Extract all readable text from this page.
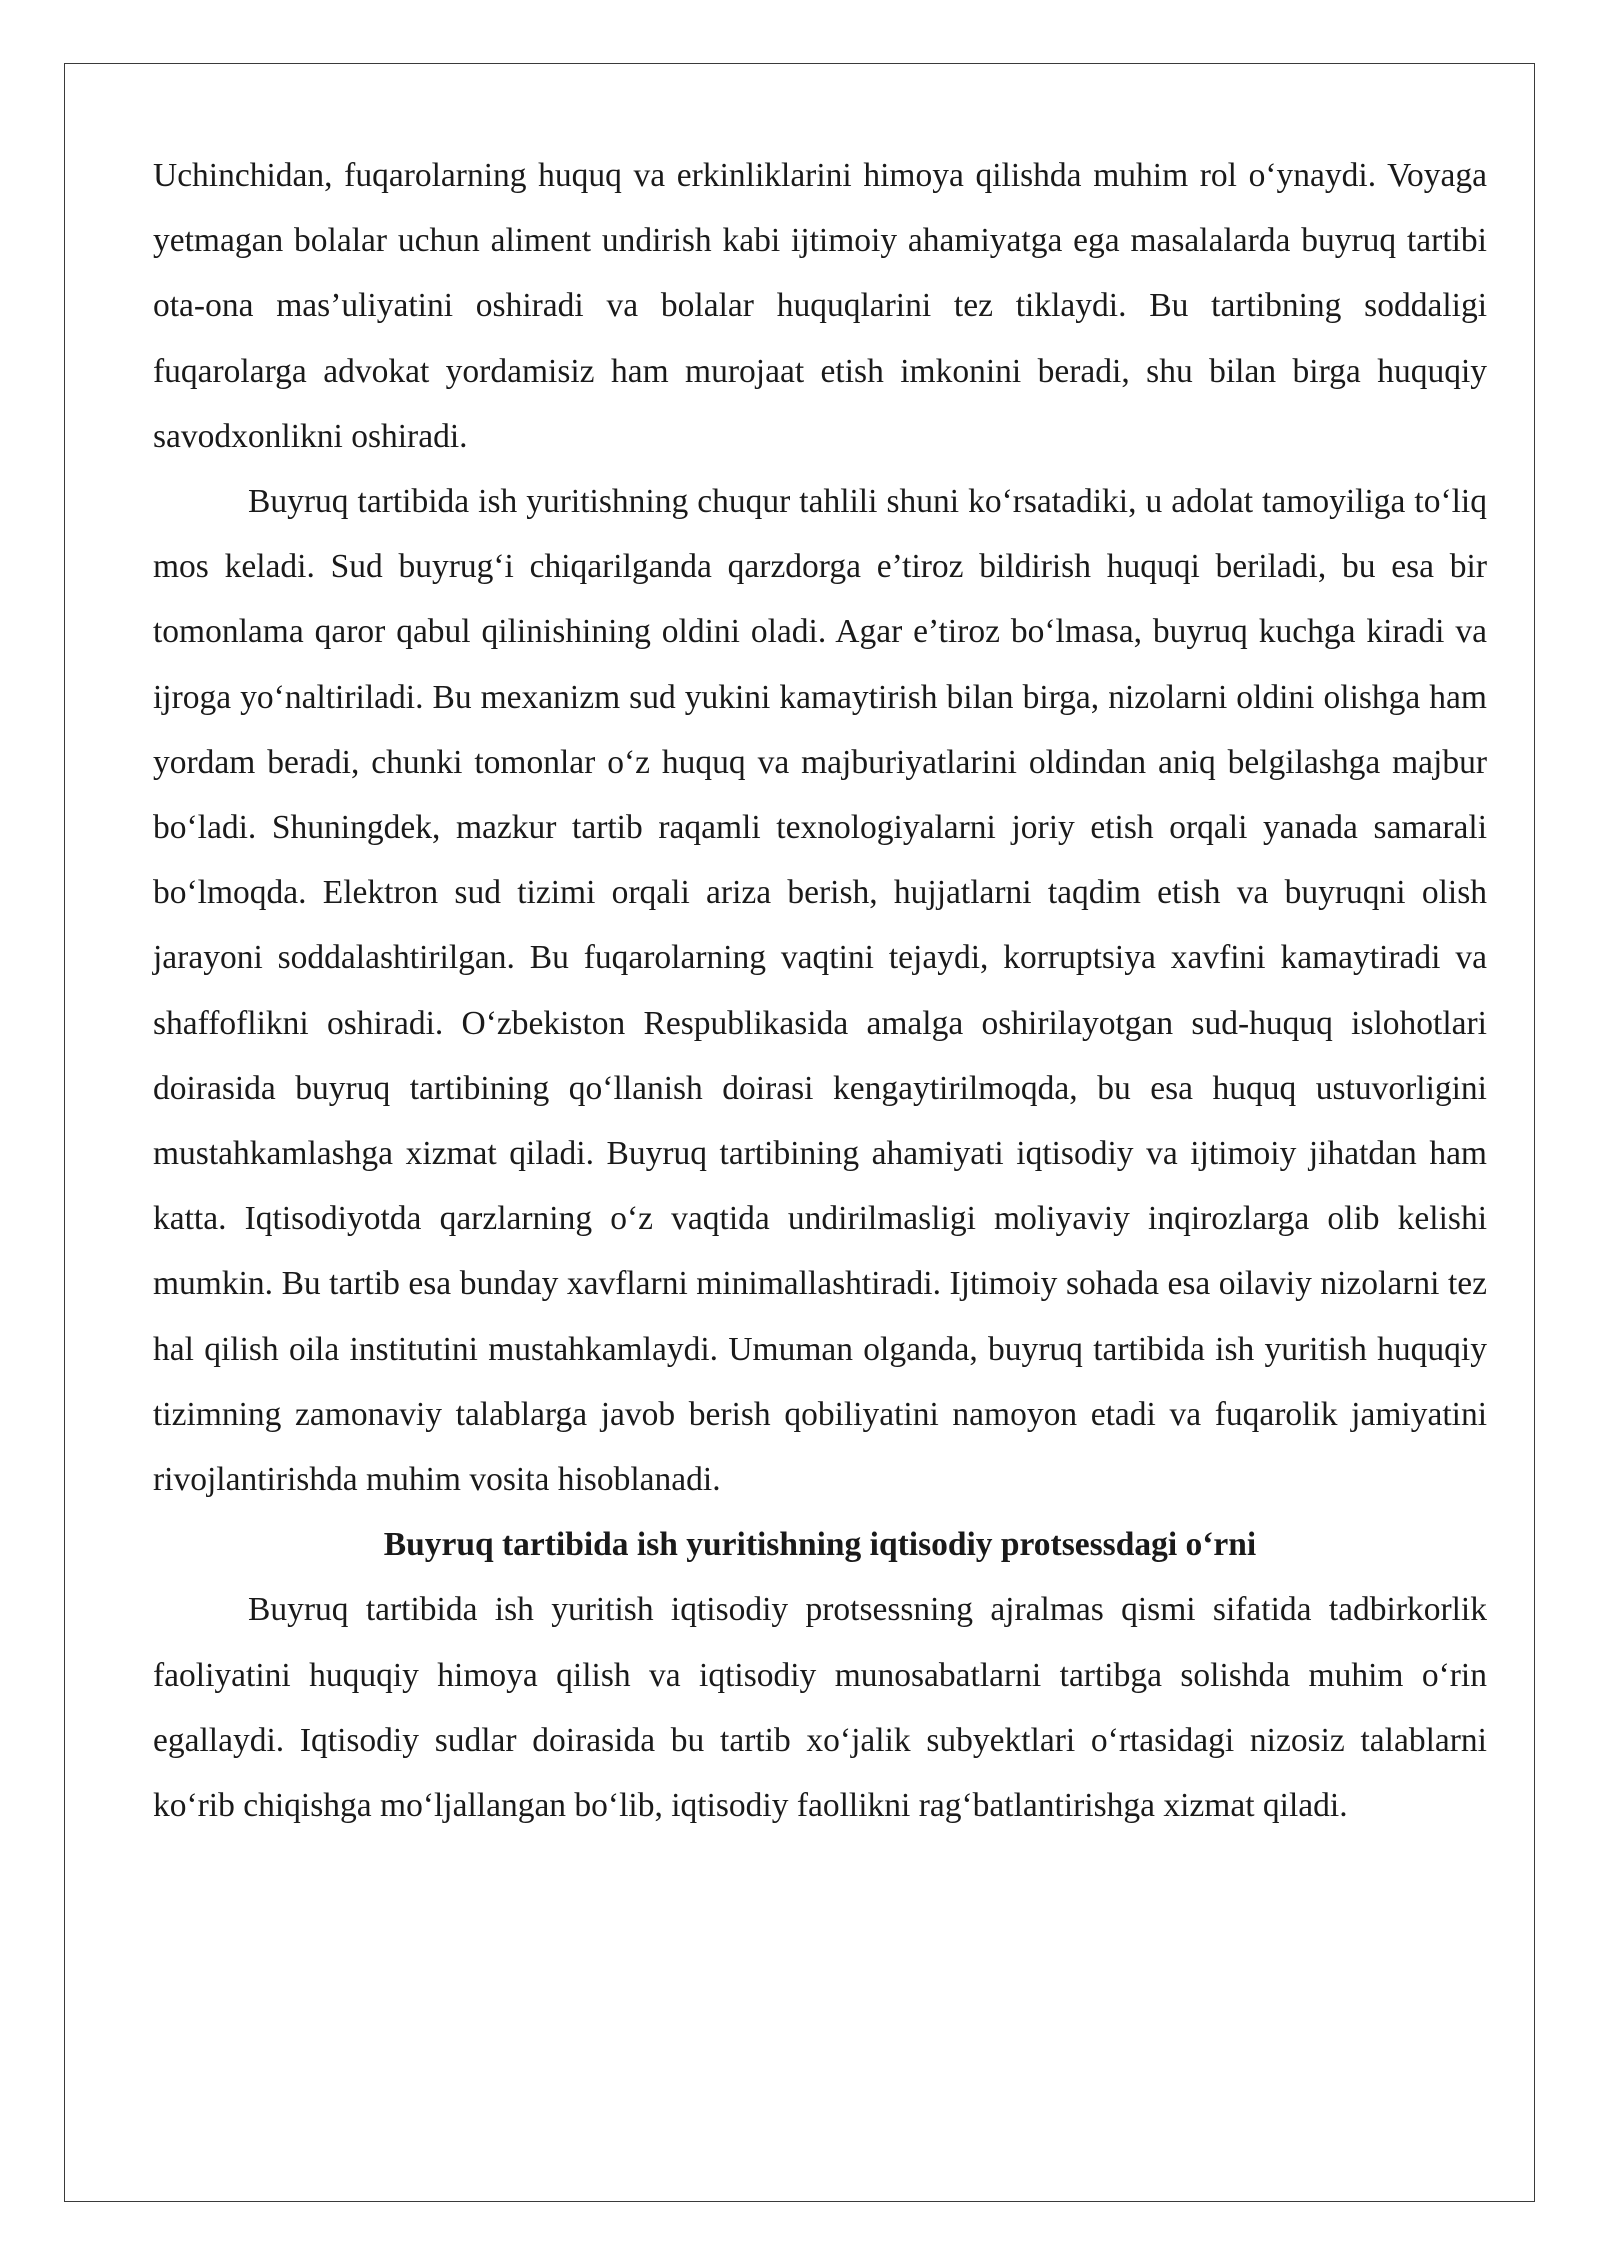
Uchinchidan, fuqarolarning huquq va erkinliklarini himoya qilishda muhim rol o‘ynaydi. Voyaga yetmagan bolalar uchun aliment undirish kabi ijtimoiy ahamiyatga ega masalalarda buyruq tartibi ota-ona mas’uliyatini oshiradi va bolalar huquqlarini tez tiklaydi. Bu tartibning soddaligi fuqarolarga advokat yordamisiz ham murojaat etish imkonini beradi, shu bilan birga huquqiy savodxonlikni oshiradi.

Buyruq tartibida ish yuritishning chuqur tahlili shuni ko‘rsatadiki, u adolat tamoyiliga to‘liq mos keladi. Sud buyrug‘i chiqarilganda qarzdorga e’tiroz bildirish huquqi beriladi, bu esa bir tomonlama qaror qabul qilinishining oldini oladi. Agar e’tiroz bo‘lmasa, buyruq kuchga kiradi va ijroga yo‘naltiriladi. Bu mexanizm sud yukini kamaytirish bilan birga, nizolarni oldini olishga ham yordam beradi, chunki tomonlar o‘z huquq va majburiyatlarini oldindan aniq belgilashga majbur bo‘ladi. Shuningdek, mazkur tartib raqamli texnologiyalarni joriy etish orqali yanada samarali bo‘lmoqda. Elektron sud tizimi orqali ariza berish, hujjatlarni taqdim etish va buyruqni olish jarayoni soddalashtirilgan. Bu fuqarolarning vaqtini tejaydi, korruptsiya xavfini kamaytiradi va shaffoflikni oshiradi. O‘zbekiston Respublikasida amalga oshirilayotgan sud-huquq islohotlari doirasida buyruq tartibining qo‘llanish doirasi kengaytirilmoqda, bu esa huquq ustuvorligini mustahkamlashga xizmat qiladi. Buyruq tartibining ahamiyati iqtisodiy va ijtimoiy jihatdan ham katta. Iqtisodiyotda qarzlarning o‘z vaqtida undirilmasligi moliyaviy inqirozlarga olib kelishi mumkin. Bu tartib esa bunday xavflarni minimallashtiradi. Ijtimoiy sohada esa oilaviy nizolarni tez hal qilish oila institutini mustahkamlaydi. Umuman olganda, buyruq tartibida ish yuritish huquqiy tizimning zamonaviy talablarga javob berish qobiliyatini namoyon etadi va fuqarolik jamiyatini rivojlantirishda muhim vosita hisoblanadi.

Buyruq tartibida ish yuritishning iqtisodiy protsessdagi o‘rni

Buyruq tartibida ish yuritish iqtisodiy protsessning ajralmas qismi sifatida tadbirkorlik faoliyatini huquqiy himoya qilish va iqtisodiy munosabatlarni tartibga solishda muhim o‘rin egallaydi. Iqtisodiy sudlar doirasida bu tartib xo‘jalik subyektlari o‘rtasidagi nizosiz talablarni ko‘rib chiqishga mo‘ljallangan bo‘lib, iqtisodiy faollikni rag‘batlantirishga xizmat qiladi.
